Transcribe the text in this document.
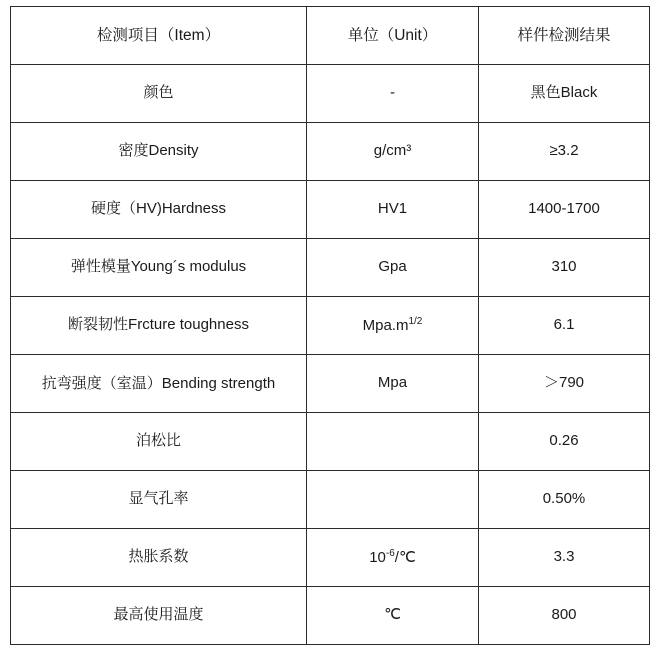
检测项目（Item）	单位（Unit）	样件检测结果
颜色	-	黑色Black
密度Density	g/cm³	≥3.2
硬度（HV)Hardness	HV1	1400-1700
弹性模量Young´s modulus	Gpa	310
断裂韧性Frcture toughness	$Mpa.m^{1/2}$	6.1

抗弯强度（室温）Bending strength	Mpa	＞790
泊松比		0.26
显气孔率		0.50%
热胀系数	$10^{-6}/℃$	3.3
最高使用温度	℃	800
